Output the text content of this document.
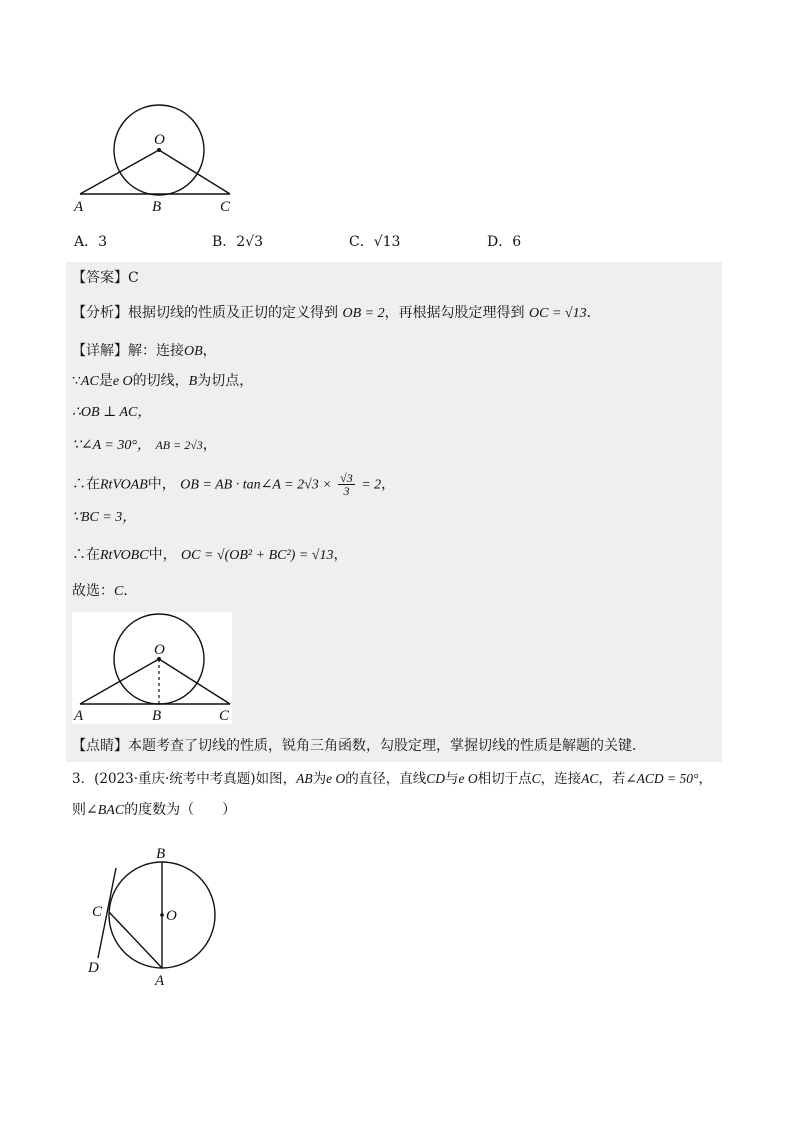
O
A	B	C
A．3	B．2√3	C．√13	D．6
【答案】C
【分析】根据切线的性质及正切的定义得到 OB = 2，再根据勾股定理得到 OC = √13．
【详解】解：连接OB，
∵AC是e O的切线，B为切点，
∴OB ⊥ AC，
∵∠A = 30°， AB = 2√3，
∴在RtVOAB中， OB = AB · tan∠A = $2√3 \times \frac{√3}{3} = 2$，
∵BC = 3，
∴在RtVOBC中， OC = √(OB² + BC²) = √13，
故选：C．
O
A	B	C
【点睛】本题考查了切线的性质，锐角三角函数，勾股定理，掌握切线的性质是解题的关键．
3．(2023·重庆·统考中考真题)如图，AB为e O的直径，直线CD与e O相切于点C，连接AC，若∠ACD = 50°，
则∠BAC的度数为（　　）
B
C	O
D
A
